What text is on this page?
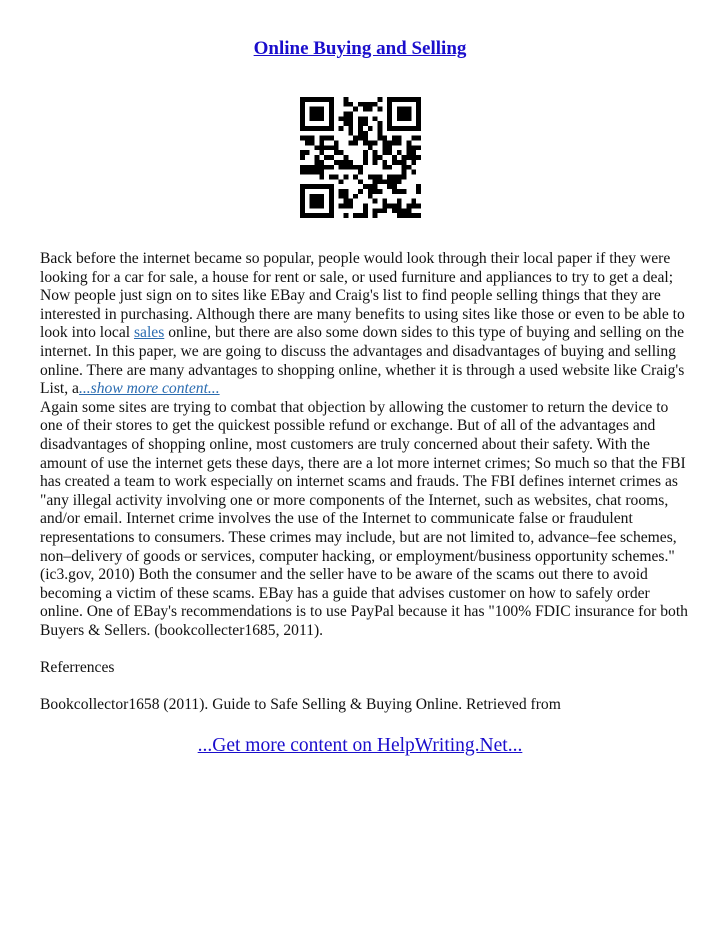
Online Buying and Selling

Back before the internet became so popular, people would look through their local paper if they were looking for a car for sale, a house for rent or sale, or used furniture and appliances to try to get a deal; Now people just sign on to sites like EBay and Craig's list to find people selling things that they are interested in purchasing. Although there are many benefits to using sites like those or even to be able to look into local sales online, but there are also some down sides to this type of buying and selling on the internet. In this paper, we are going to discuss the advantages and disadvantages of buying and selling online. There are many advantages to shopping online, whether it is through a used website like Craig's List, a...show more content...

Again some sites are trying to combat that objection by allowing the customer to return the device to one of their stores to get the quickest possible refund or exchange. But of all of the advantages and disadvantages of shopping online, most customers are truly concerned about their safety. With the amount of use the internet gets these days, there are a lot more internet crimes; So much so that the FBI has created a team to work especially on internet scams and frauds. The FBI defines internet crimes as "any illegal activity involving one or more components of the Internet, such as websites, chat rooms, and/or email. Internet crime involves the use of the Internet to communicate false or fraudulent representations to consumers. These crimes may include, but are not limited to, advance–fee schemes, non–delivery of goods or services, computer hacking, or employment/business opportunity schemes." (ic3.gov, 2010) Both the consumer and the seller have to be aware of the scams out there to avoid becoming a victim of these scams. EBay has a guide that advises customer on how to safely order online. One of EBay's recommendations is to use PayPal because it has "100% FDIC insurance for both Buyers & Sellers. (bookcollecter1685, 2011).

Referrences

Bookcollector1658 (2011). Guide to Safe Selling & Buying Online. Retrieved from

...Get more content on HelpWriting.Net...
